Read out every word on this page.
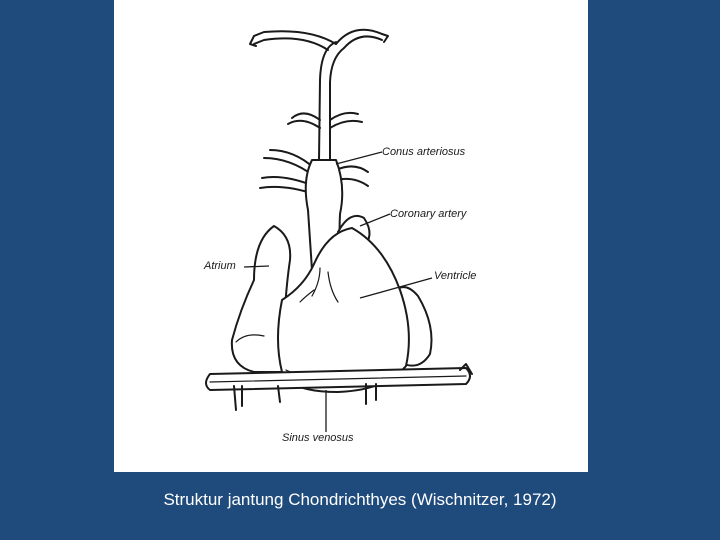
Conus arteriosus
Coronary artery
Atrium
Ventricle
Sinus venosus
Struktur jantung Chondrichthyes (Wischnitzer, 1972)
